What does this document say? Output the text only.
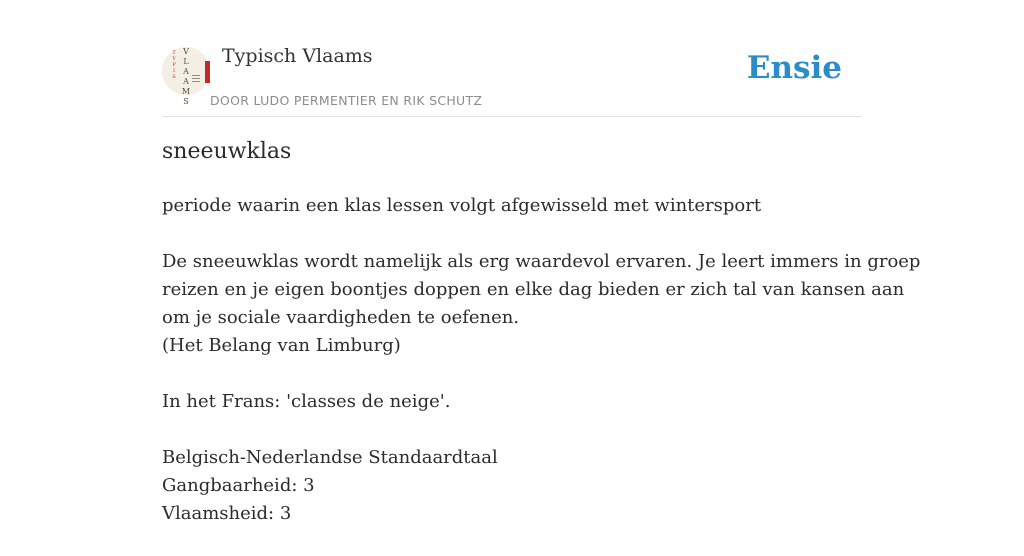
T
Y
P
I
S
V
L
A
A
M
S
Typisch Vlaams
DOOR LUDO PERMENTIER EN RIK SCHUTZ
Ensie
sneeuwklas

periode waarin een klas lessen volgt afgewisseld met wintersport

De sneeuwklas wordt namelijk als erg waardevol ervaren. Je leert immers in groep
reizen en je eigen boontjes doppen en elke dag bieden er zich tal van kansen aan
om je sociale vaardigheden te oefenen.
(Het Belang van Limburg)

In het Frans: 'classes de neige'.

Belgisch-Nederlandse Standaardtaal
Gangbaarheid: 3
Vlaamsheid: 3
